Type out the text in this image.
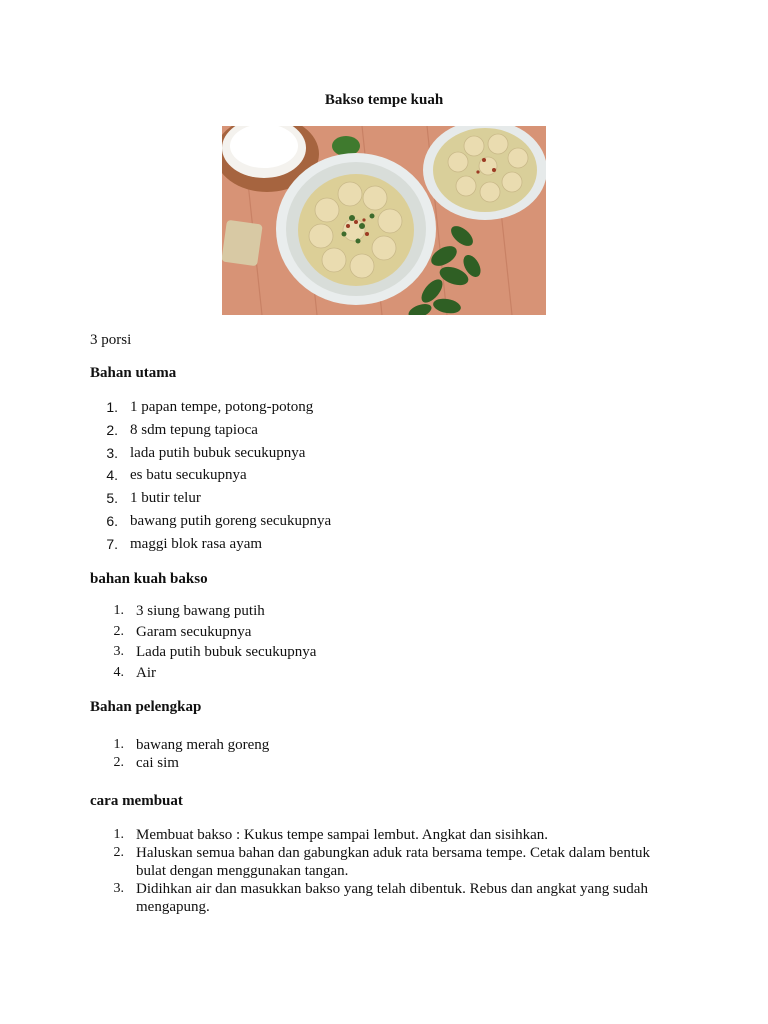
Bakso tempe kuah
3 porsi
Bahan utama
1. 1 papan tempe, potong-potong
2. 8 sdm tepung tapioca
3. lada putih bubuk secukupnya
4. es batu secukupnya
5. 1 butir telur
6. bawang putih goreng secukupnya
7. maggi blok rasa ayam
bahan kuah bakso
1. 3 siung bawang putih
2. Garam secukupnya
3. Lada putih bubuk secukupnya
4. Air
Bahan pelengkap
1. bawang merah goreng
2. cai sim
cara membuat
1. Membuat bakso : Kukus tempe sampai lembut. Angkat dan sisihkan.
2. Haluskan semua bahan dan gabungkan aduk rata bersama tempe. Cetak dalam bentuk bulat dengan menggunakan tangan.
3. Didihkan air dan masukkan bakso yang telah dibentuk. Rebus dan angkat yang sudah mengapung.
